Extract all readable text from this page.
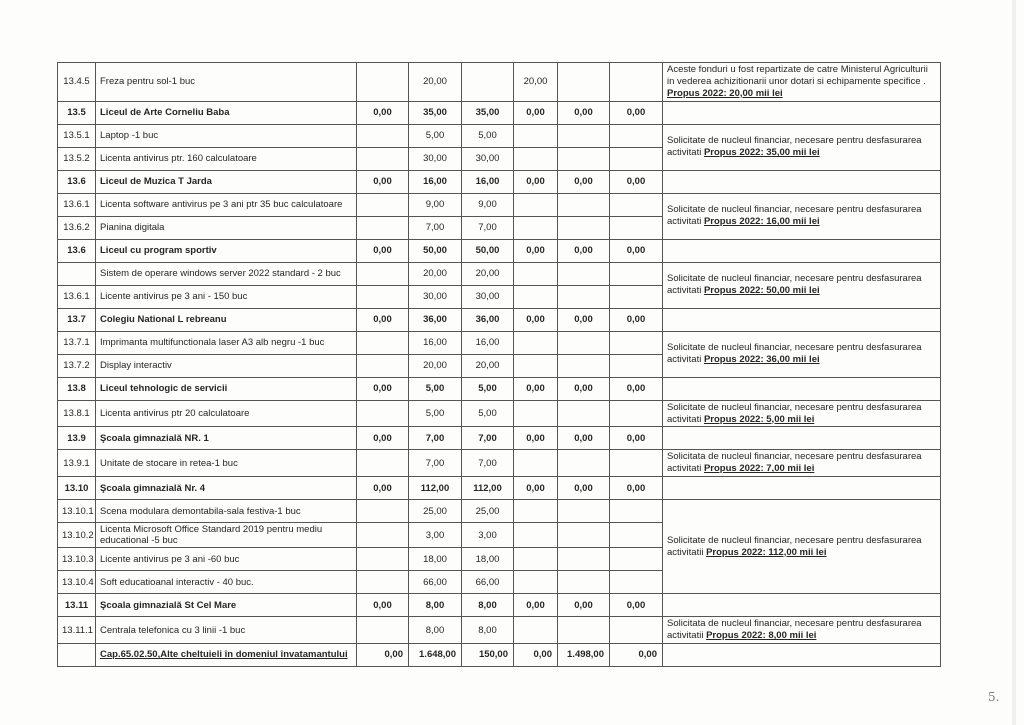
13.4.5	Freza pentru sol-1 buc		20,00		20,00			Aceste fonduri u fost repartizate de catre Ministerul Agriculturii in vederea achizitionarii unor dotari si echipamente specifice . Propus 2022: 20,00 mii lei
13.5	Liceul de Arte Corneliu Baba	0,00	35,00	35,00	0,00	0,00	0,00	
13.5.1	Laptop -1 buc		5,00	5,00				Solicitate de nucleul financiar, necesare pentru desfasurarea activitati Propus 2022: 35,00 mii lei
13.5.2	Licenta antivirus ptr. 160 calculatoare		30,00	30,00				
13.6	Liceul de Muzica T Jarda	0,00	16,00	16,00	0,00	0,00	0,00	
13.6.1	Licenta software antivirus pe 3 ani ptr 35 buc calculatoare		9,00	9,00				Solicitate de nucleul financiar, necesare pentru desfasurarea activitati Propus 2022: 16,00 mii lei
13.6.2	Pianina digitala		7,00	7,00				
13.6	Liceul cu program sportiv	0,00	50,00	50,00	0,00	0,00	0,00	
	Sistem de operare windows server 2022 standard - 2 buc		20,00	20,00				Solicitate de nucleul financiar, necesare pentru desfasurarea activitati Propus 2022: 50,00 mii lei
13.6.1	Licente antivirus pe 3 ani - 150 buc		30,00	30,00				
13.7	Colegiu National L rebreanu	0,00	36,00	36,00	0,00	0,00	0,00	
13.7.1	Imprimanta multifunctionala laser A3 alb negru -1 buc		16,00	16,00				Solicitate de nucleul financiar, necesare pentru desfasurarea activitati Propus 2022: 36,00 mii lei
13.7.2	Display interactiv		20,00	20,00				
13.8	Liceul tehnologic de servicii	0,00	5,00	5,00	0,00	0,00	0,00	
13.8.1	Licenta antivirus ptr 20 calculatoare		5,00	5,00				Solicitate de nucleul financiar, necesare pentru desfasurarea activitati Propus 2022: 5,00 mii lei
13.9	Şcoala gimnazială NR. 1	0,00	7,00	7,00	0,00	0,00	0,00	
13.9.1	Unitate de stocare in retea-1 buc		7,00	7,00				Solicitata de nucleul financiar, necesare pentru desfasurarea activitati Propus 2022: 7,00 mii lei
13.10	Şcoala gimnazială Nr. 4	0,00	112,00	112,00	0,00	0,00	0,00	
13.10.1	Scena modulara demontabila-sala festiva-1 buc		25,00	25,00				Solicitate de nucleul financiar, necesare pentru desfasurarea activitatii Propus 2022: 112,00 mii lei
13.10.2	Licenta Microsoft Office Standard 2019 pentru mediu educational -5 buc		3,00	3,00				
13.10.3	Licente antivirus pe 3 ani -60 buc		18,00	18,00				
13.10.4	Soft educatioanal interactiv - 40 buc.		66,00	66,00				
13.11	Şcoala gimnazială St Cel Mare	0,00	8,00	8,00	0,00	0,00	0,00	
13.11.1	Centrala telefonica cu 3 linii -1 buc		8,00	8,00				Solicitata de nucleul financiar, necesare pentru desfasurarea activitatii Propus 2022: 8,00 mii lei
	Cap.65.02.50,Alte cheltuieli în domeniul învatamantului	0,00	1.648,00	150,00	0,00	1.498,00	0,00	
5.
